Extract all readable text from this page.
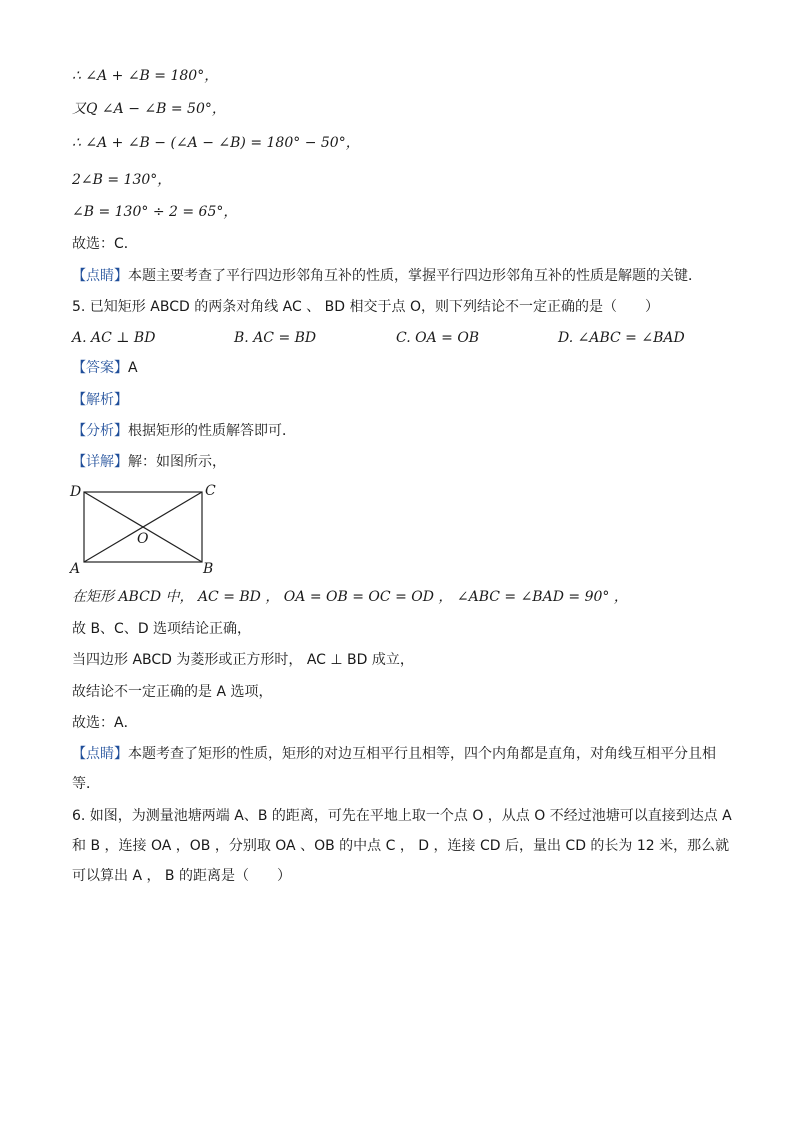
∴ ∠A + ∠B = 180°，
又Q ∠A − ∠B = 50°，
∴ ∠A + ∠B − (∠A − ∠B) = 180° − 50°，
2∠B = 130°，
∠B = 130° ÷ 2 = 65°，
故选：C．
【点睛】本题主要考查了平行四边形邻角互补的性质，掌握平行四边形邻角互补的性质是解题的关键．
5. 已知矩形 ABCD 的两条对角线 AC 、 BD 相交于点 O，则下列结论不一定正确的是（　　）
A. AC ⊥ BD	B. AC = BD	C. OA = OB	D. ∠ABC = ∠BAD
【答案】A
【解析】
【分析】根据矩形的性质解答即可．
【详解】解：如图所示，
D	C
A	B
O
在矩形 ABCD 中， AC = BD ， OA = OB = OC = OD ， ∠ABC = ∠BAD = 90° ，
故 B、C、D 选项结论正确，
当四边形 ABCD 为菱形或正方形时， AC ⊥ BD 成立，
故结论不一定正确的是 A 选项，
故选：A．
【点睛】本题考查了矩形的性质，矩形的对边互相平行且相等，四个内角都是直角，对角线互相平分且相等．
6. 如图，为测量池塘两端 A、B 的距离，可先在平地上取一个点 O ，从点 O 不经过池塘可以直接到达点 A 和 B ，连接 OA ，OB ，分别取 OA 、OB 的中点 C ， D ，连接 CD 后，量出 CD 的长为 12 米，那么就可以算出 A ， B 的距离是（　　）
